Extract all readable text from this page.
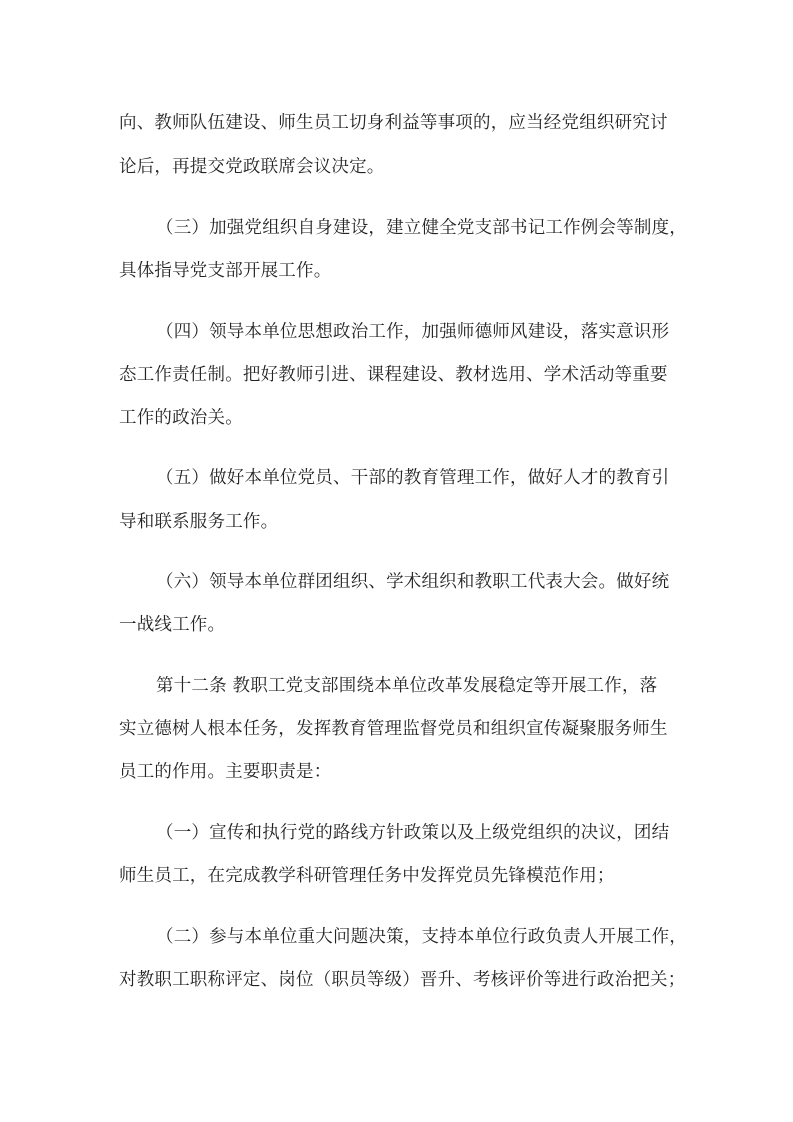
向、教师队伍建设、师生员工切身利益等事项的，应当经党组织研究讨
论后，再提交党政联席会议决定。
（三）加强党组织自身建设，建立健全党支部书记工作例会等制度，
具体指导党支部开展工作。
（四）领导本单位思想政治工作，加强师德师风建设，落实意识形
态工作责任制。把好教师引进、课程建设、教材选用、学术活动等重要
工作的政治关。
（五）做好本单位党员、干部的教育管理工作，做好人才的教育引
导和联系服务工作。
（六）领导本单位群团组织、学术组织和教职工代表大会。做好统
一战线工作。
第十二条 教职工党支部围绕本单位改革发展稳定等开展工作，落
实立德树人根本任务，发挥教育管理监督党员和组织宣传凝聚服务师生
员工的作用。主要职责是：
（一）宣传和执行党的路线方针政策以及上级党组织的决议，团结
师生员工，在完成教学科研管理任务中发挥党员先锋模范作用；
（二）参与本单位重大问题决策，支持本单位行政负责人开展工作，
对教职工职称评定、岗位（职员等级）晋升、考核评价等进行政治把关；
